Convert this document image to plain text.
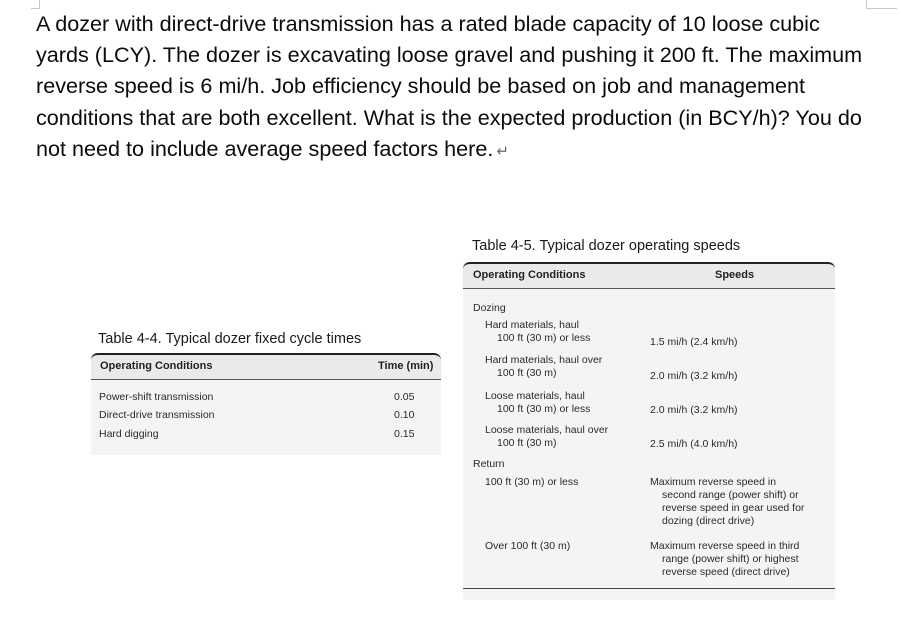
A dozer with direct-drive transmission has a rated blade capacity of 10 loose cubic yards (LCY). The dozer is excavating loose gravel and pushing it 200 ft. The maximum reverse speed is 6 mi/h. Job efficiency should be based on job and management conditions that are both excellent. What is the expected production (in BCY/h)? You do not need to include average speed factors here. ↵

Table 4-4. Typical dozer fixed cycle times

Operating Conditions	Time (min)
Power-shift transmission	0.05
Direct-drive transmission	0.10
Hard digging	0.15

Table 4-5. Typical dozer operating speeds

Operating Conditions	Speeds
Dozing
Hard materials, haul
100 ft (30 m) or less	1.5 mi/h (2.4 km/h)
Hard materials, haul over
100 ft (30 m)	2.0 mi/h (3.2 km/h)
Loose materials, haul
100 ft (30 m) or less	2.0 mi/h (3.2 km/h)
Loose materials, haul over
100 ft (30 m)	2.5 mi/h (4.0 km/h)
Return
100 ft (30 m) or less	Maximum reverse speed in
second range (power shift) or
reverse speed in gear used for
dozing (direct drive)
Over 100 ft (30 m)	Maximum reverse speed in third
range (power shift) or highest
reverse speed (direct drive)
